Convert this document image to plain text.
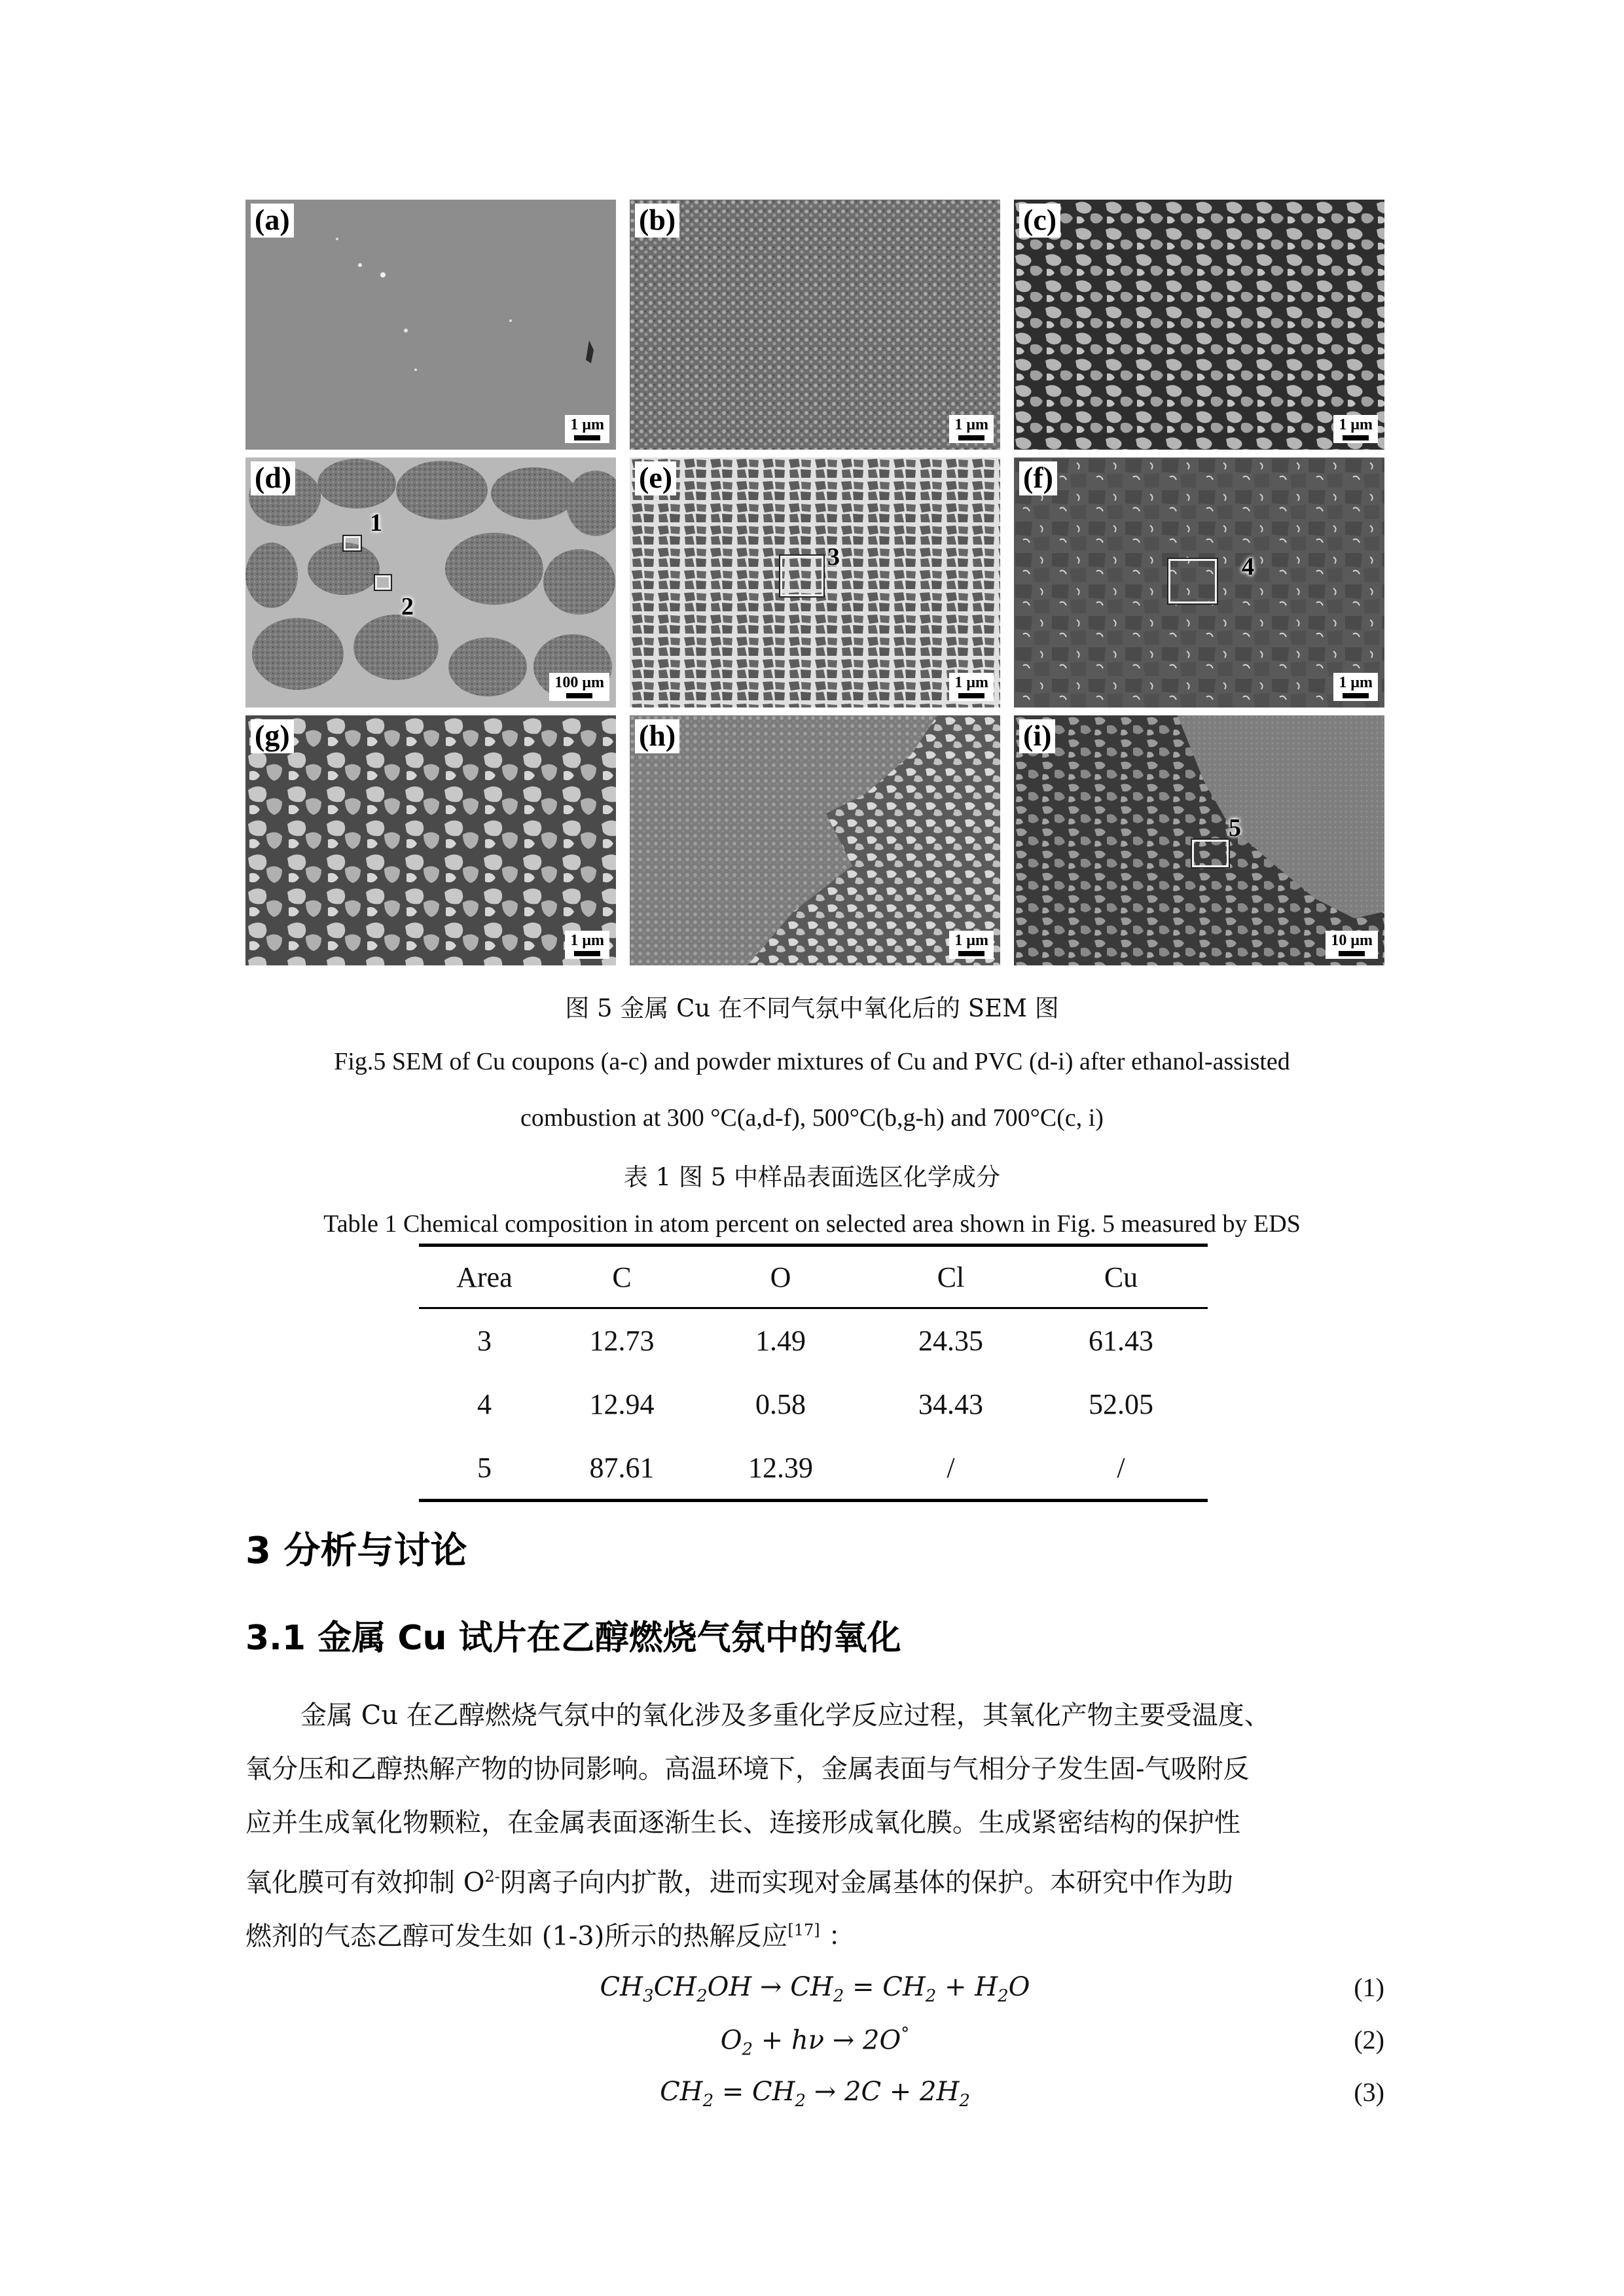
(a)
1 μm
(b)
1 μm
(c)
1 μm
1
2
(d)
100 μm
3
(e)
1 μm
4
(f)
1 μm
(g)
1 μm
(h)
1 μm
5
(i)
10 μm
图 5 金属 Cu 在不同气氛中氧化后的 SEM 图
Fig.5 SEM of Cu coupons (a-c) and powder mixtures of Cu and PVC (d-i) after ethanol-assisted
combustion at 300 °C(a,d-f), 500°C(b,g-h) and 700°C(c, i)
表 1 图 5 中样品表面选区化学成分
Table 1 Chemical composition in atom percent on selected area shown in Fig. 5 measured by EDS
Area	C	O	Cl	Cu
3	12.73	1.49	24.35	61.43
4	12.94	0.58	34.43	52.05
5	87.61	12.39	/	/
3 分析与讨论
3.1 金属 Cu 试片在乙醇燃烧气氛中的氧化
金属 Cu 在乙醇燃烧气氛中的氧化涉及多重化学反应过程，其氧化产物主要受温度、
氧分压和乙醇热解产物的协同影响。高温环境下，金属表面与气相分子发生固-气吸附反
应并生成氧化物颗粒，在金属表面逐渐生长、连接形成氧化膜。生成紧密结构的保护性
氧化膜可有效抑制 $O^{2-}$阴离子向内扩散，进而实现对金属基体的保护。本研究中作为助
燃剂的气态乙醇可发生如 (1-3)所示的热解反应[17] ：
$CH_3CH_2OH \to CH_2 = CH_2 + H_2O$	(1)
$O_2 + h\nu \to 2O^\circ$	(2)
$CH_2 = CH_2 \to 2C + 2H_2$	(3)
